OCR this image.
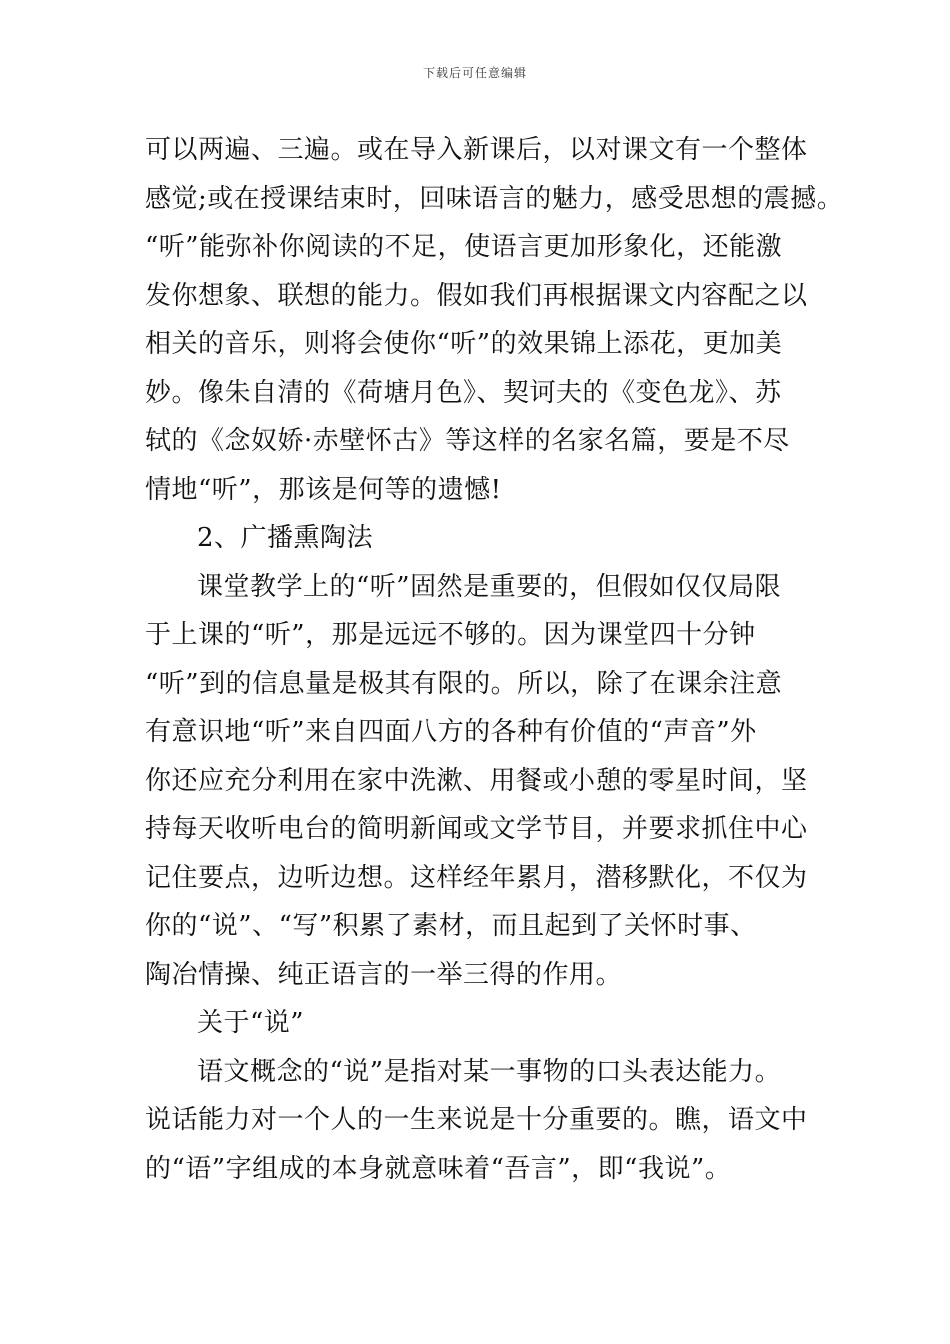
下载后可任意编辑
可以两遍、三遍。或在导入新课后，以对课文有一个整体
感觉;或在授课结束时，回味语言的魅力，感受思想的震撼。
“听”能弥补你阅读的不足，使语言更加形象化，还能激
发你想象、联想的能力。假如我们再根据课文内容配之以
相关的音乐，则将会使你“听”的效果锦上添花，更加美
妙。像朱自清的《荷塘月色》、契诃夫的《变色龙》、苏
轼的《念奴娇·赤壁怀古》等这样的名家名篇，要是不尽
情地“听”，那该是何等的遗憾!
2、广播熏陶法
课堂教学上的“听”固然是重要的，但假如仅仅局限
于上课的“听”，那是远远不够的。因为课堂四十分钟
“听”到的信息量是极其有限的。所以，除了在课余注意
有意识地“听”来自四面八方的各种有价值的“声音”外
你还应充分利用在家中洗漱、用餐或小憩的零星时间，坚
持每天收听电台的简明新闻或文学节目，并要求抓住中心
记住要点，边听边想。这样经年累月，潜移默化，不仅为
你的“说”、“写”积累了素材，而且起到了关怀时事、
陶冶情操、纯正语言的一举三得的作用。
关于“说”
语文概念的“说”是指对某一事物的口头表达能力。
说话能力对一个人的一生来说是十分重要的。瞧，语文中
的“语”字组成的本身就意味着“吾言”，即“我说”。
